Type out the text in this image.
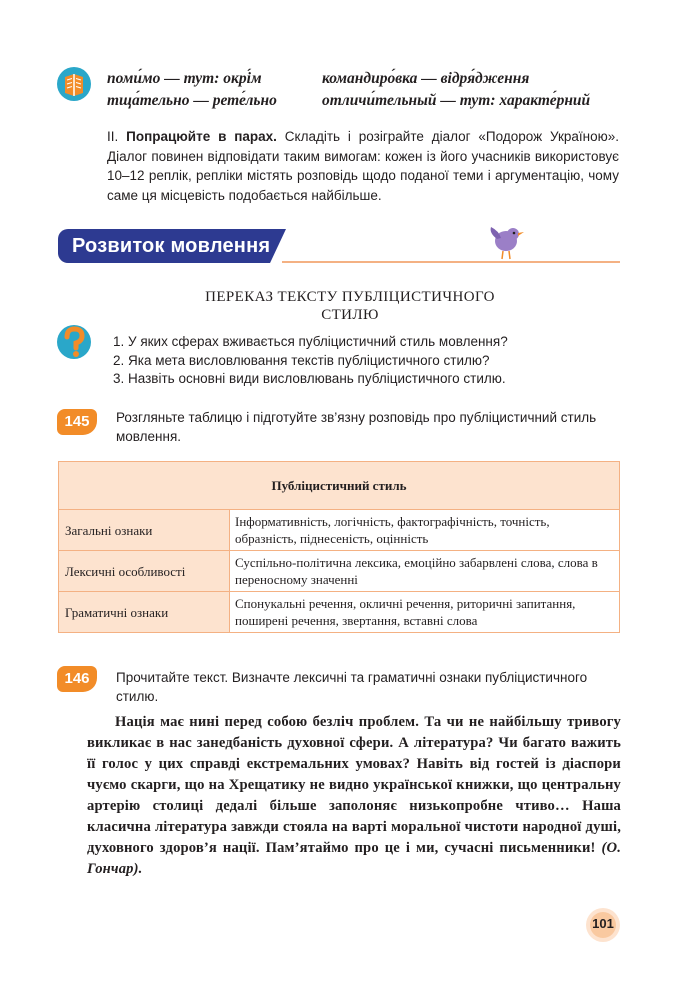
поми́мо — тут: окрі́м
тща́тельно — рете́льно
командиро́вка — відря́дження
отличи́тельный — тут: характе́рний
II. Попрацюйте в парах. Складіть і розіграйте діалог «Подорож Україною». Діалог повинен відповідати таким вимогам: кожен із його учасників використовує 10–12 реплік, репліки містять розповідь щодо поданої теми і аргументацію, чому саме ця місцевість подобається найбільше.
Розвиток мовлення
ПЕРЕКАЗ ТЕКСТУ ПУБЛІЦИСТИЧНОГО
СТИЛЮ
1. У яких сферах вживається публіцистичний стиль мовлення?
2. Яка мета висловлювання текстів публіцистичного стилю?
3. Назвіть основні види висловлювань публіцистичного стилю.
145	Розгляньте таблицю і підготуйте зв’язну розповідь про публіцистичний стиль мовлення.
Публіцистичний стиль	
Загальні ознаки	Інформативність, логічність, фактографічність, точність, образність, піднесеність, оцінність
Лексичні особливості	Суспільно-політична лексика, емоційно забарвлені слова, слова в переносному значенні
Граматичні ознаки	Спонукальні речення, окличні речення, риторичні запитання, поширені речення, звертання, вставні слова
146	Прочитайте текст. Визначте лексичні та граматичні ознаки публіцистичного стилю.

Нація має нині перед собою безліч проблем. Та чи не найбільшу тривогу викликає в нас занедбаність духовної сфери. А література? Чи багато важить її голос у цих справді екстремальних умовах? Навіть від гостей із діаспори чуємо скарги, що на Хрещатику не видно української книжки, що центральну артерію столиці дедалі більше заполоняє низькопробне чтиво… Наша класична література завжди стояла на варті моральної чистоти народної душі, духовного здоров’я нації. Пам’ятаймо про це і ми, сучасні письменники! (О. Гончар).

101
